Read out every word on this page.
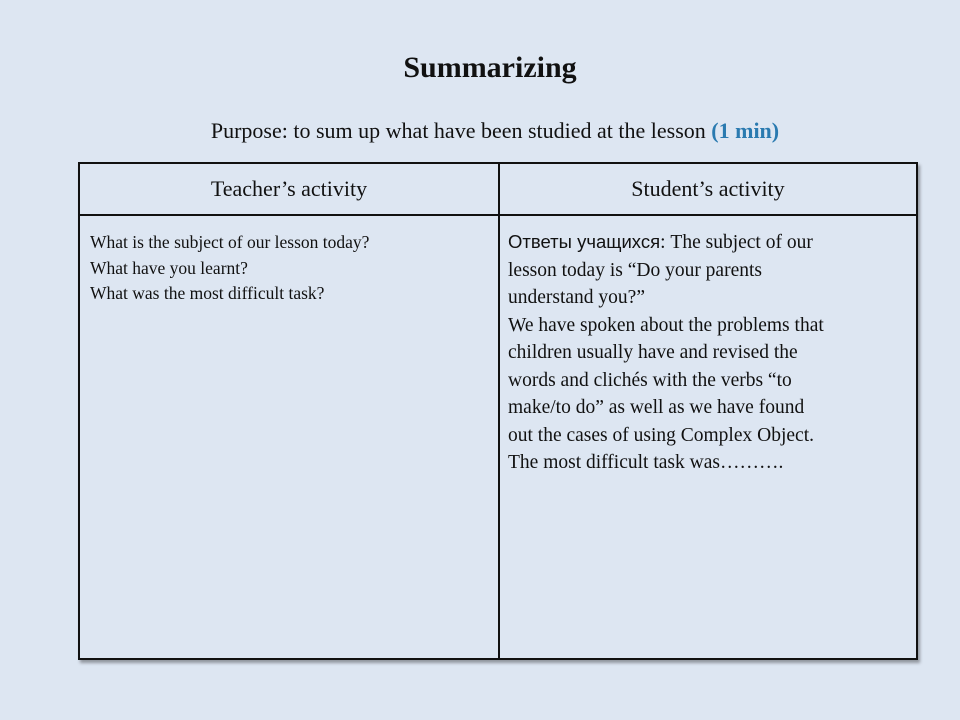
Summarizing
Purpose: to sum up what have been studied at the lesson (1 min)
Teacher’s activity	Student’s activity
What is the subject of our lesson today?
What have you learnt?
What was the most difficult task?
Ответы учащихся: The subject of our
lesson today is “Do your parents
understand you?”
We have spoken about the problems that
children usually have and revised the
words and clichés with the verbs “to
make/to do” as well as we have found
out the cases of using Complex Object.
The most difficult task was……….
